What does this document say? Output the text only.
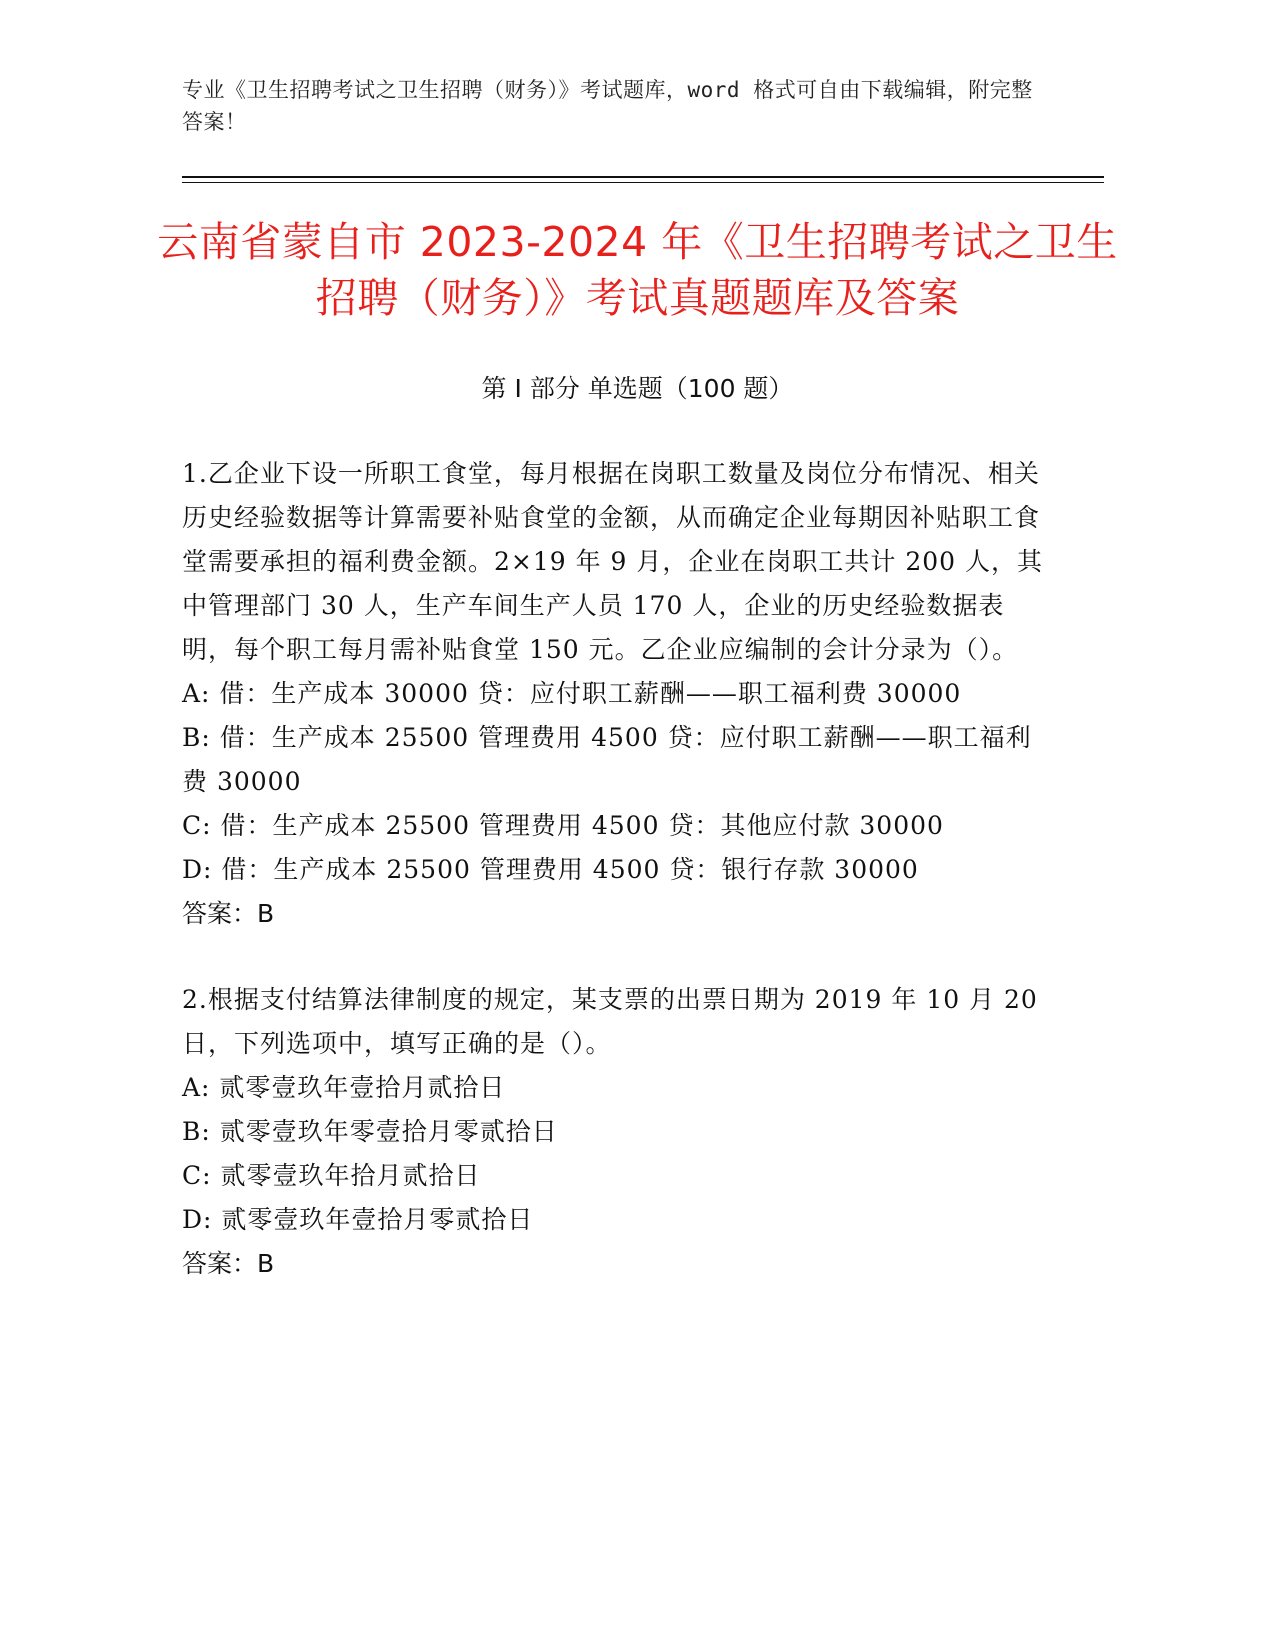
专业《卫生招聘考试之卫生招聘（财务）》考试题库，word 格式可自由下载编辑，附完整答案！
云南省蒙自市 2023-2024 年《卫生招聘考试之卫生招聘（财务）》考试真题题库及答案
第 I 部分 单选题（100 题）

1.乙企业下设一所职工食堂，每月根据在岗职工数量及岗位分布情况、相关历史经验数据等计算需要补贴食堂的金额，从而确定企业每期因补贴职工食堂需要承担的福利费金额。2×19 年 9 月，企业在岗职工共计 200 人，其中管理部门 30 人，生产车间生产人员 170 人，企业的历史经验数据表明，每个职工每月需补贴食堂 150 元。乙企业应编制的会计分录为（）。

A: 借：生产成本 30000 贷：应付职工薪酬——职工福利费 30000

B: 借：生产成本 25500 管理费用 4500 贷：应付职工薪酬——职工福利费 30000

C: 借：生产成本 25500 管理费用 4500 贷：其他应付款 30000

D: 借：生产成本 25500 管理费用 4500 贷：银行存款 30000

答案：B

2.根据支付结算法律制度的规定，某支票的出票日期为 2019 年 10 月 20 日，下列选项中，填写正确的是（）。

A: 贰零壹玖年壹拾月贰拾日

B: 贰零壹玖年零壹拾月零贰拾日

C: 贰零壹玖年拾月贰拾日

D: 贰零壹玖年壹拾月零贰拾日

答案：B
